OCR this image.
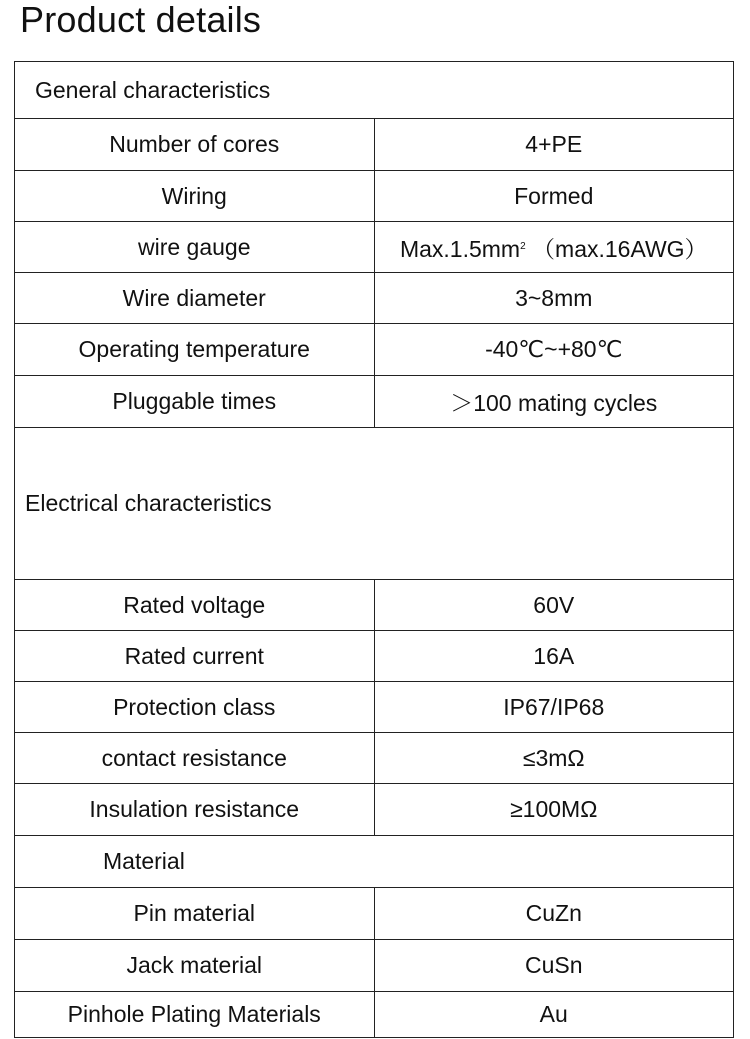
Product details
General characteristics	
Number of cores	4+PE
Wiring	Formed
wire gauge	$Max.1.5mm^2$ （max.16AWG）
Wire diameter	3~8mm
Operating temperature	-40℃~+80℃
Pluggable times	＞100 mating cycles
Electrical characteristics	
Rated voltage	60V
Rated current	16A
Protection class	IP67/IP68
contact resistance	≤3mΩ
Insulation resistance	≥100MΩ
Material	
Pin material	CuZn
Jack material	CuSn
Pinhole Plating Materials	Au
